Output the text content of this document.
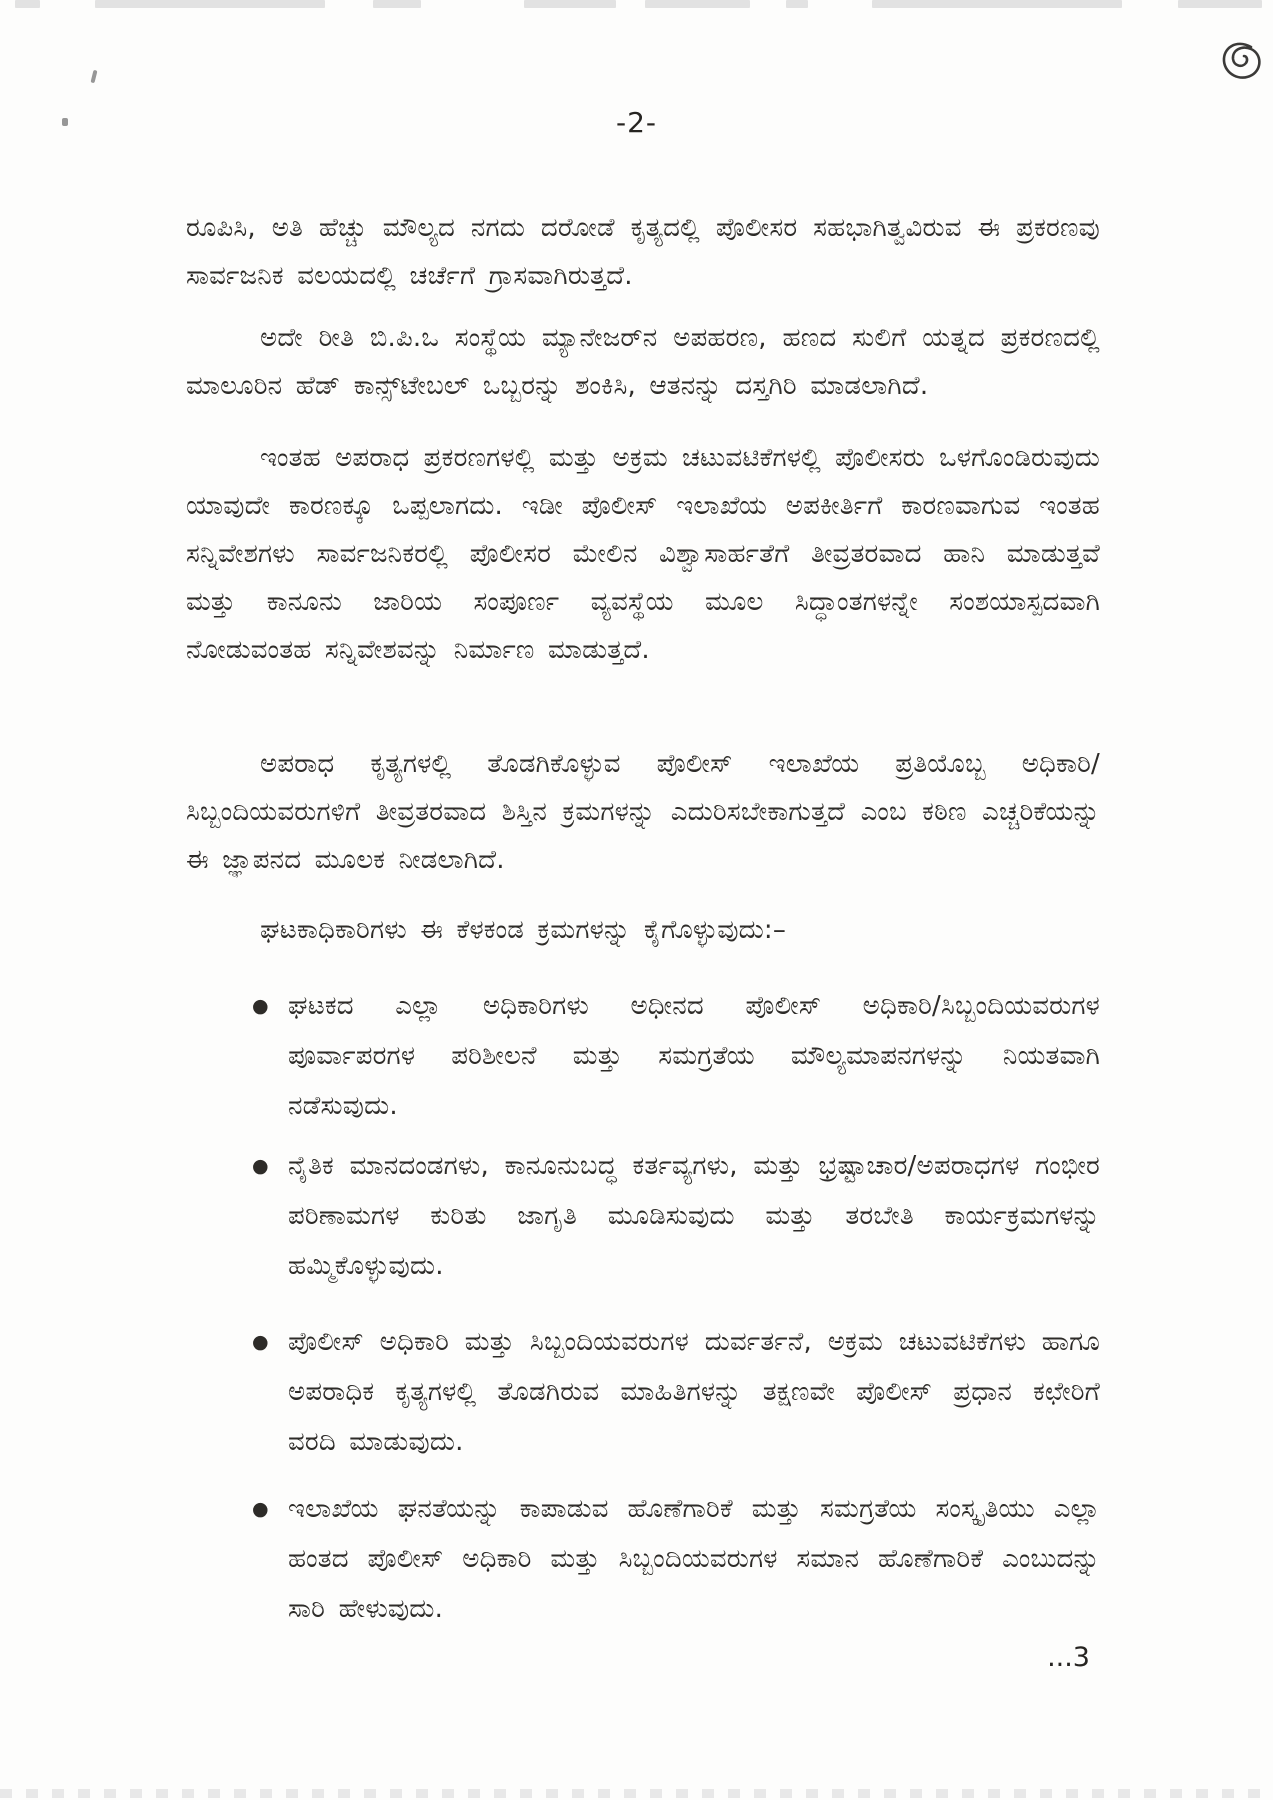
-2-
ರೂಪಿಸಿ, ಅತಿ ಹೆಚ್ಚು ಮೌಲ್ಯದ ನಗದು ದರೋಡೆ ಕೃತ್ಯದಲ್ಲಿ ಪೊಲೀಸರ ಸಹಭಾಗಿತ್ವವಿರುವ ಈ ಪ್ರಕರಣವು ಸಾರ್ವಜನಿಕ ವಲಯದಲ್ಲಿ ಚರ್ಚೆಗೆ ಗ್ರಾಸವಾಗಿರುತ್ತದೆ.
ಅದೇ ರೀತಿ ಬಿ.ಪಿ.ಒ ಸಂಸ್ಥೆಯ ಮ್ಯಾನೇಜರ್‌ನ ಅಪಹರಣ, ಹಣದ ಸುಲಿಗೆ ಯತ್ನದ ಪ್ರಕರಣದಲ್ಲಿ ಮಾಲೂರಿನ ಹೆಡ್ ಕಾನ್ಸ್‌ಟೇಬಲ್ ಒಬ್ಬರನ್ನು ಶಂಕಿಸಿ, ಆತನನ್ನು ದಸ್ತಗಿರಿ ಮಾಡಲಾಗಿದೆ.
ಇಂತಹ ಅಪರಾಧ ಪ್ರಕರಣಗಳಲ್ಲಿ ಮತ್ತು ಅಕ್ರಮ ಚಟುವಟಿಕೆಗಳಲ್ಲಿ ಪೊಲೀಸರು ಒಳಗೊಂಡಿರುವುದು ಯಾವುದೇ ಕಾರಣಕ್ಕೂ ಒಪ್ಪಲಾಗದು. ಇಡೀ ಪೊಲೀಸ್ ಇಲಾಖೆಯ ಅಪಕೀರ್ತಿಗೆ ಕಾರಣವಾಗುವ ಇಂತಹ ಸನ್ನಿವೇಶಗಳು ಸಾರ್ವಜನಿಕರಲ್ಲಿ ಪೊಲೀಸರ ಮೇಲಿನ ವಿಶ್ವಾಸಾರ್ಹತೆಗೆ ತೀವ್ರತರವಾದ ಹಾನಿ ಮಾಡುತ್ತವೆ ಮತ್ತು ಕಾನೂನು ಜಾರಿಯ ಸಂಪೂರ್ಣ ವ್ಯವಸ್ಥೆಯ ಮೂಲ ಸಿದ್ಧಾಂತಗಳನ್ನೇ ಸಂಶಯಾಸ್ಪದವಾಗಿ ನೋಡುವಂತಹ ಸನ್ನಿವೇಶವನ್ನು ನಿರ್ಮಾಣ ಮಾಡುತ್ತದೆ.
ಅಪರಾಧ ಕೃತ್ಯಗಳಲ್ಲಿ ತೊಡಗಿಕೊಳ್ಳುವ ಪೊಲೀಸ್ ಇಲಾಖೆಯ ಪ್ರತಿಯೊಬ್ಬ ಅಧಿಕಾರಿ/ಸಿಬ್ಬಂದಿಯವರುಗಳಿಗೆ ತೀವ್ರತರವಾದ ಶಿಸ್ತಿನ ಕ್ರಮಗಳನ್ನು ಎದುರಿಸಬೇಕಾಗುತ್ತದೆ ಎಂಬ ಕಠಿಣ ಎಚ್ಚರಿಕೆಯನ್ನು ಈ ಜ್ಞಾಪನದ ಮೂಲಕ ನೀಡಲಾಗಿದೆ.
ಘಟಕಾಧಿಕಾರಿಗಳು ಈ ಕೆಳಕಂಡ ಕ್ರಮಗಳನ್ನು ಕೈಗೊಳ್ಳುವುದು:–
● ಘಟಕದ ಎಲ್ಲಾ ಅಧಿಕಾರಿಗಳು ಅಧೀನದ ಪೊಲೀಸ್ ಅಧಿಕಾರಿ/ಸಿಬ್ಬಂದಿಯವರುಗಳ ಪೂರ್ವಾಪರಗಳ ಪರಿಶೀಲನೆ ಮತ್ತು ಸಮಗ್ರತೆಯ ಮೌಲ್ಯಮಾಪನಗಳನ್ನು ನಿಯತವಾಗಿ ನಡೆಸುವುದು.
● ನೈತಿಕ ಮಾನದಂಡಗಳು, ಕಾನೂನುಬದ್ಧ ಕರ್ತವ್ಯಗಳು, ಮತ್ತು ಭ್ರಷ್ಟಾಚಾರ/ಅಪರಾಧಗಳ ಗಂಭೀರ ಪರಿಣಾಮಗಳ ಕುರಿತು ಜಾಗೃತಿ ಮೂಡಿಸುವುದು ಮತ್ತು ತರಬೇತಿ ಕಾರ್ಯಕ್ರಮಗಳನ್ನು ಹಮ್ಮಿಕೊಳ್ಳುವುದು.
● ಪೊಲೀಸ್ ಅಧಿಕಾರಿ ಮತ್ತು ಸಿಬ್ಬಂದಿಯವರುಗಳ ದುರ್ವರ್ತನೆ, ಅಕ್ರಮ ಚಟುವಟಿಕೆಗಳು ಹಾಗೂ ಅಪರಾಧಿಕ ಕೃತ್ಯಗಳಲ್ಲಿ ತೊಡಗಿರುವ ಮಾಹಿತಿಗಳನ್ನು ತಕ್ಷಣವೇ ಪೊಲೀಸ್ ಪ್ರಧಾನ ಕಛೇರಿಗೆ ವರದಿ ಮಾಡುವುದು.
● ಇಲಾಖೆಯ ಘನತೆಯನ್ನು ಕಾಪಾಡುವ ಹೊಣೆಗಾರಿಕೆ ಮತ್ತು ಸಮಗ್ರತೆಯ ಸಂಸ್ಕೃತಿಯು ಎಲ್ಲಾ ಹಂತದ ಪೊಲೀಸ್ ಅಧಿಕಾರಿ ಮತ್ತು ಸಿಬ್ಬಂದಿಯವರುಗಳ ಸಮಾನ ಹೊಣೆಗಾರಿಕೆ ಎಂಬುದನ್ನು ಸಾರಿ ಹೇಳುವುದು.
...3
